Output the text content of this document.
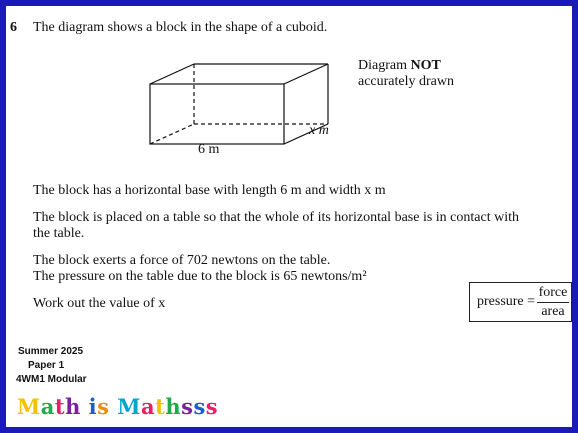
6 The diagram shows a block in the shape of a cuboid.
6 m
x m
Diagram NOT
accurately drawn
The block has a horizontal base with length 6 m and width x m
The block is placed on a table so that the whole of its horizontal base is in contact with
the table.
The block exerts a force of 702 newtons on the table.
The pressure on the table due to the block is 65 newtons/m²
Work out the value of x	pressure =
force
area
Summer 2025
Paper 1
4WM1 Modular
Math is Mathsss
